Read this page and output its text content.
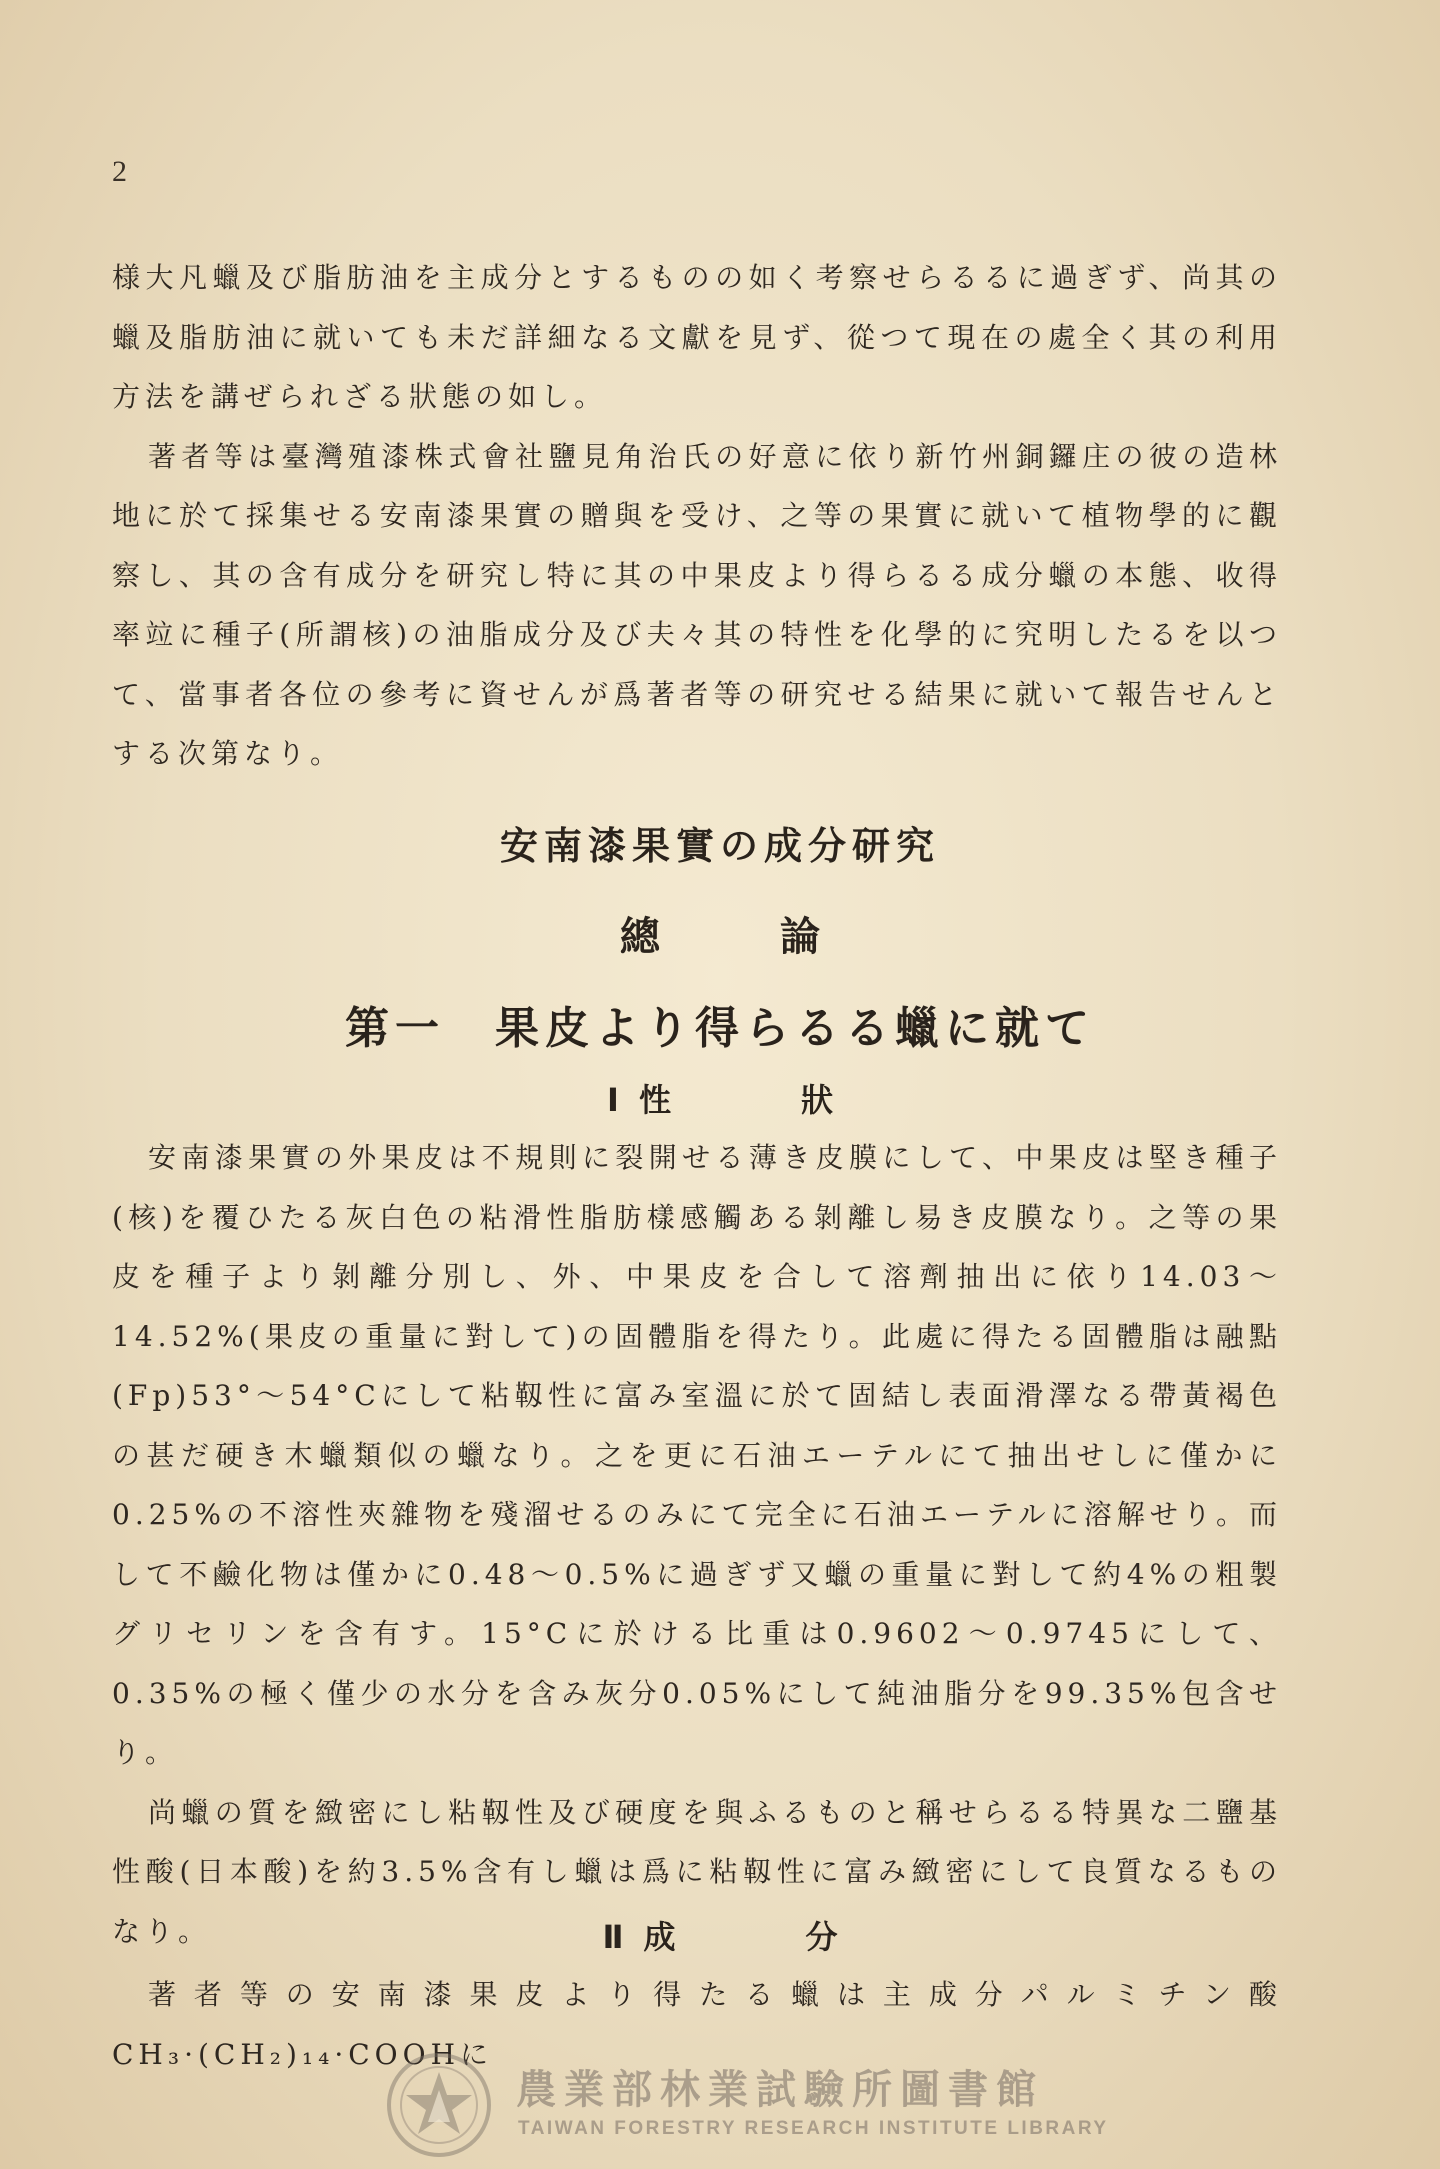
2

様大凡蠟及び脂肪油を主成分とするものの如く考察せらるるに過ぎず、尚其の蠟及脂肪油に就いても未だ詳細なる文獻を見ず、從つて現在の處全く其の利用方法を講ぜられざる狀態の如し。

著者等は臺灣殖漆株式會社鹽見角治氏の好意に依り新竹州銅鑼庄の彼の造林地に於て採集せる安南漆果實の贈與を受け、之等の果實に就いて植物學的に觀察し、其の含有成分を研究し特に其の中果皮より得らるる成分蠟の本態、收得率竝に種子(所謂核)の油脂成分及び夫々其の特性を化學的に究明したるを以つて、當事者各位の參考に資せんが爲著者等の研究せる結果に就いて報告せんとする次第なり。

安南漆果實の成分研究
總	論
第一　果皮より得らるる蠟に就て
Ⅰ 性	狀

安南漆果實の外果皮は不規則に裂開せる薄き皮膜にして、中果皮は堅き種子(核)を覆ひたる灰白色の粘滑性脂肪樣感觸ある剝離し易き皮膜なり。之等の果皮を種子より剝離分別し、外、中果皮を合して溶劑抽出に依り14.03～14.52%(果皮の重量に對して)の固體脂を得たり。此處に得たる固體脂は融點(Fp)53°～54°Cにして粘靱性に富み室溫に於て固結し表面滑澤なる帶黃褐色の甚だ硬き木蠟類似の蠟なり。之を更に石油エーテルにて抽出せしに僅かに0.25%の不溶性夾雜物を殘溜せるのみにて完全に石油エーテルに溶解せり。而して不鹼化物は僅かに0.48～0.5%に過ぎず又蠟の重量に對して約4%の粗製グリセリンを含有す。15°Cに於ける比重は0.9602～0.9745にして、0.35%の極く僅少の水分を含み灰分0.05%にして純油脂分を99.35%包含せり。

尚蠟の質を緻密にし粘靱性及び硬度を與ふるものと稱せらるる特異な二鹽基性酸(日本酸)を約3.5%含有し蠟は爲に粘靱性に富み緻密にして良質なるものなり。	Ⅱ 成	分

著者等の安南漆果皮より得たる蠟は主成分パルミチン酸CH₃·(CH₂)₁₄·COOHに

農業部林業試驗所圖書館
TAIWAN FORESTRY RESEARCH INSTITUTE LIBRARY
